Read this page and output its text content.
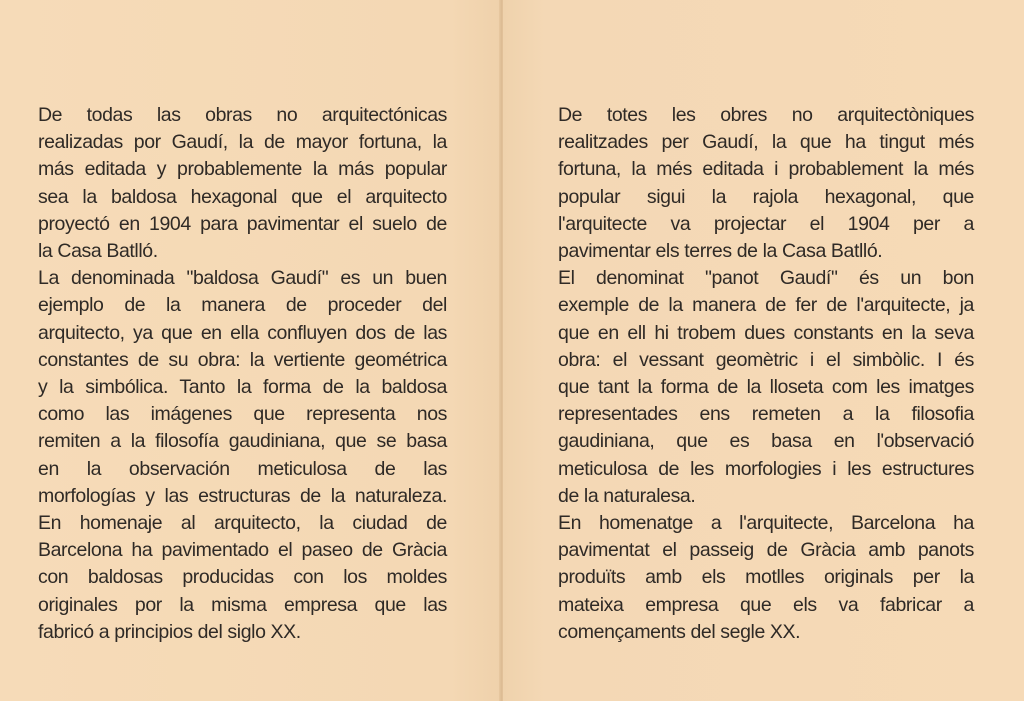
De todas las obras no arquitectónicas
realizadas por Gaudí, la de mayor fortuna, la
más editada y probablemente la más popular
sea la baldosa hexagonal que el arquitecto
proyectó en 1904 para pavimentar el suelo de
la Casa Batlló.
La denominada "baldosa Gaudí" es un buen
ejemplo de la manera de proceder del
arquitecto, ya que en ella confluyen dos de las
constantes de su obra: la vertiente geométrica
y la simbólica. Tanto la forma de la baldosa
como las imágenes que representa nos
remiten a la filosofía gaudiniana, que se basa
en la observación meticulosa de las
morfologías y las estructuras de la naturaleza.
En homenaje al arquitecto, la ciudad de
Barcelona ha pavimentado el paseo de Gràcia
con baldosas producidas con los moldes
originales por la misma empresa que las
fabricó a principios del siglo XX.
De totes les obres no arquitectòniques
realitzades per Gaudí, la que ha tingut més
fortuna, la més editada i probablement la més
popular sigui la rajola hexagonal, que
l'arquitecte va projectar el 1904 per a
pavimentar els terres de la Casa Batlló.
El denominat "panot Gaudí" és un bon
exemple de la manera de fer de l'arquitecte, ja
que en ell hi trobem dues constants en la seva
obra: el vessant geomètric i el simbòlic. I és
que tant la forma de la lloseta com les imatges
representades ens remeten a la filosofia
gaudiniana, que es basa en l'observació
meticulosa de les morfologies i les estructures
de la naturalesa.
En homenatge a l'arquitecte, Barcelona ha
pavimentat el passeig de Gràcia amb panots
produïts amb els motlles originals per la
mateixa empresa que els va fabricar a
començaments del segle XX.
